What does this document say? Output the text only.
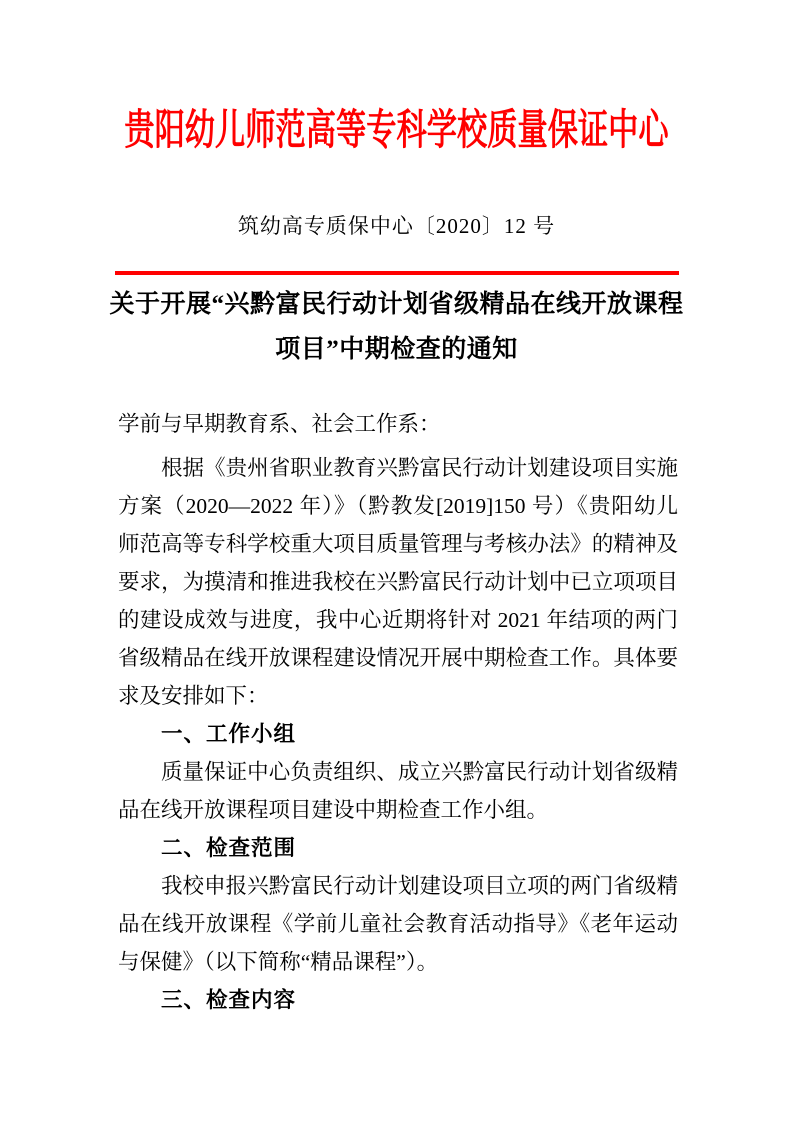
贵阳幼儿师范高等专科学校质量保证中心
筑幼高专质保中心〔2020〕12 号
关于开展“兴黔富民行动计划省级精品在线开放课程
项目”中期检查的通知

学前与早期教育系、社会工作系：

根据《贵州省职业教育兴黔富民行动计划建设项目实施方案（2020—2022 年）》（黔教发[2019]150 号）《贵阳幼儿师范高等专科学校重大项目质量管理与考核办法》的精神及要求，为摸清和推进我校在兴黔富民行动计划中已立项项目的建设成效与进度，我中心近期将针对 2021 年结项的两门省级精品在线开放课程建设情况开展中期检查工作。具体要求及安排如下：

一、工作小组

质量保证中心负责组织、成立兴黔富民行动计划省级精品在线开放课程项目建设中期检查工作小组。

二、检查范围

我校申报兴黔富民行动计划建设项目立项的两门省级精品在线开放课程《学前儿童社会教育活动指导》《老年运动与保健》（以下简称“精品课程”）。

三、检查内容
